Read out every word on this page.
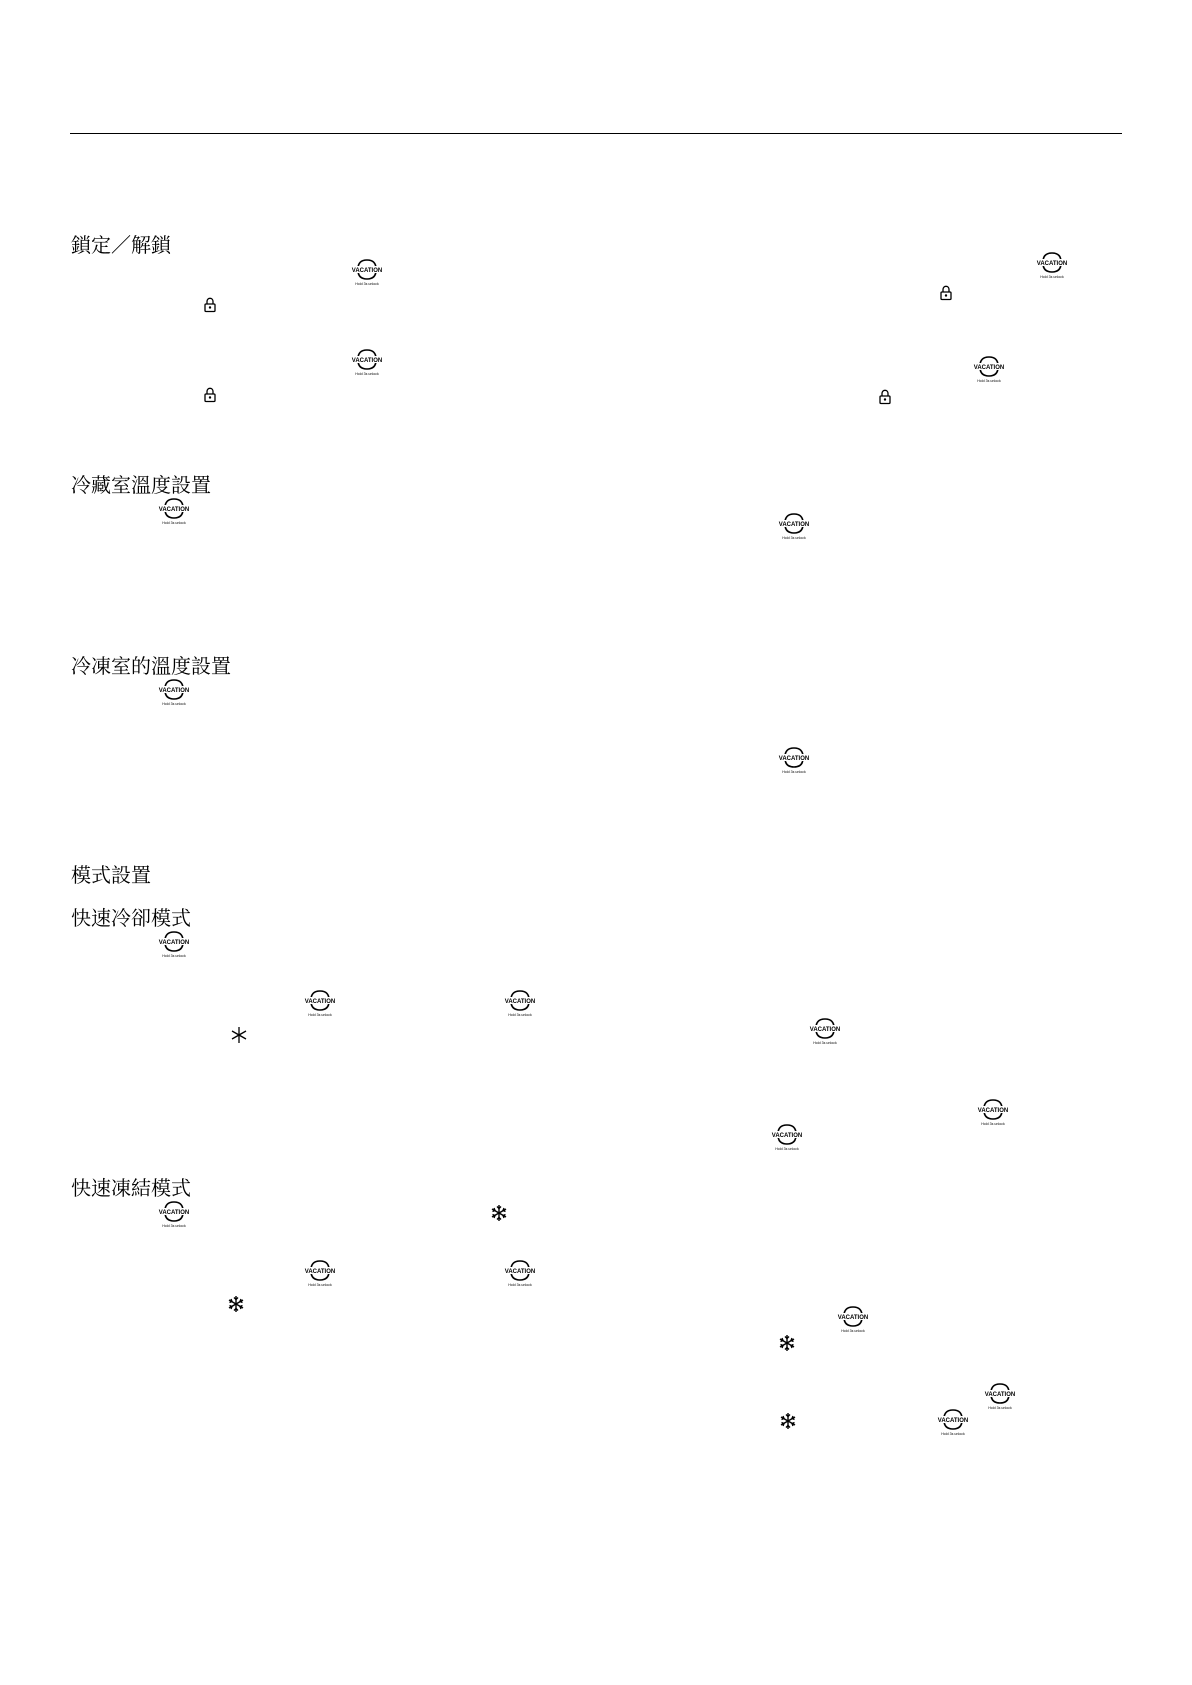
鎖定／解鎖
冷藏室溫度設置
冷凍室的溫度設置
模式設置
快速冷卻模式
快速凍結模式
